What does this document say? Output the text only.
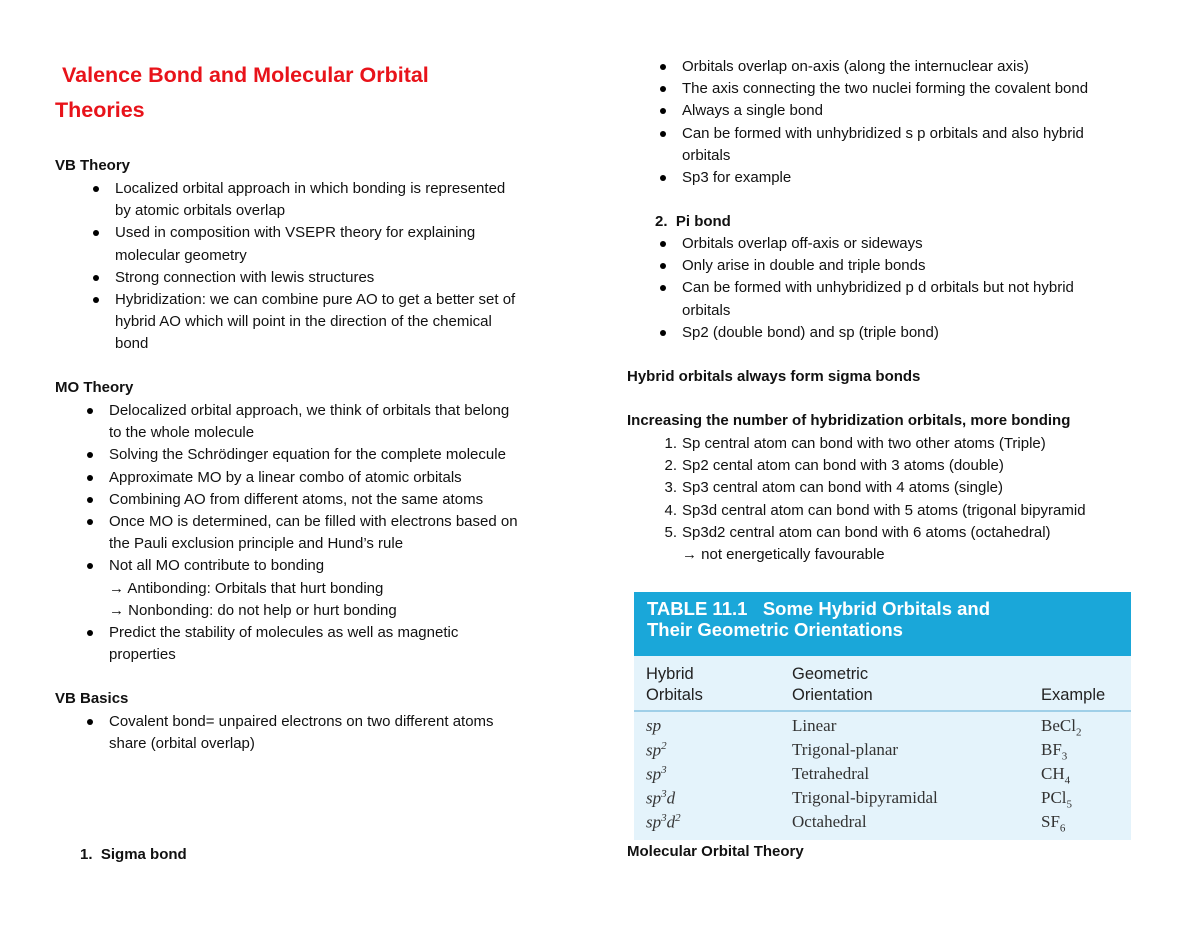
Valence Bond and Molecular Orbital
Theories
VB Theory
Localized orbital approach in which bonding is represented
by atomic orbitals overlap
Used in composition with VSEPR theory for explaining
molecular geometry
Strong connection with lewis structures
Hybridization: we can combine pure AO to get a better set of
hybrid AO which will point in the direction of the chemical
bond
MO Theory
Delocalized orbital approach, we think of orbitals that belong
to the whole molecule
Solving the Schrödinger equation for the complete molecule
Approximate MO by a linear combo of atomic orbitals
Combining AO from different atoms, not the same atoms
Once MO is determined, can be filled with electrons based on
the Pauli exclusion principle and Hund’s rule
Not all MO contribute to bonding
→ Antibonding: Orbitals that hurt bonding
→ Nonbonding: do not help or hurt bonding
Predict the stability of molecules as well as magnetic
properties
VB Basics
Covalent bond= unpaired electrons on two different atoms
share (orbital overlap)
1. Sigma bond
Orbitals overlap on-axis (along the internuclear axis)
The axis connecting the two nuclei forming the covalent bond
Always a single bond
Can be formed with unhybridized s p orbitals and also hybrid
orbitals
Sp3 for example
2. Pi bond
Orbitals overlap off-axis or sideways
Only arise in double and triple bonds
Can be formed with unhybridized p d orbitals but not hybrid
orbitals
Sp2 (double bond) and sp (triple bond)
Hybrid orbitals always form sigma bonds
Increasing the number of hybridization orbitals, more bonding
1. Sp central atom can bond with two other atoms (Triple)
2. Sp2 cental atom can bond with 3 atoms (double)
3. Sp3 central atom can bond with 4 atoms (single)
4. Sp3d central atom can bond with 5 atoms (trigonal bipyramid
5. Sp3d2 central atom can bond with 6 atoms (octahedral)
→ not energetically favourable
TABLE 11.1   Some Hybrid Orbitals and
Their Geometric Orientations
Hybrid
Orbitals
Geometric
Orientation	Example
sp	Linear	BeCl$_2$
$sp^2$	Trigonal-planar	$BF_3$
$sp^3$	Tetrahedral	$CH_4$
$sp^3d$	Trigonal-bipyramidal	PCl$_5$
$sp^3d^2$	Octahedral	$SF_6$
Molecular Orbital Theory
